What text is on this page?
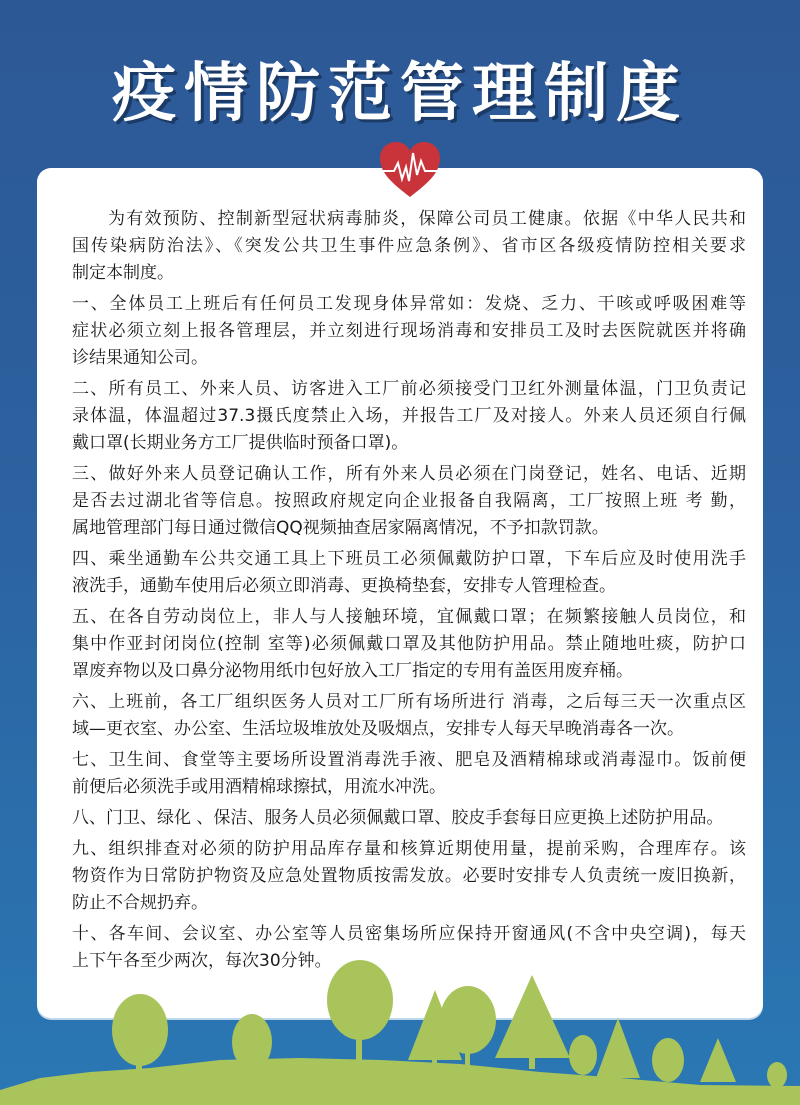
疫情防范管理制度
为有效预防、控制新型冠状病毒肺炎，保障公司员工健康。依据《中华人民共和
国传染病防治法》、《突发公共卫生事件应急条例》、省市区各级疫情防控相关要求
制定本制度。
一、全体员工上班后有任何员工发现身体异常如：发烧、乏力、干咳或呼吸困难等
症状必须立刻上报各管理层，并立刻进行现场消毒和安排员工及时去医院就医并将确
诊结果通知公司。
二、所有员工、外来人员、访客进入工厂前必须接受门卫红外测量体温，门卫负责记
录体温，体温超过37.3摄氏度禁止入场，并报告工厂及对接人。外来人员还须自行佩
戴口罩(长期业务方工厂提供临时预备口罩)。
三、做好外来人员登记确认工作，所有外来人员必须在门岗登记，姓名、电话、近期
是否去过湖北省等信息。按照政府规定向企业报备自我隔离，工厂按照上班 考 勤，
属地管理部门每日通过微信QQ视频抽查居家隔离情况，不予扣款罚款。
四、乘坐通勤车公共交通工具上下班员工必须佩戴防护口罩，下车后应及时使用洗手
液洗手，通勤车使用后必须立即消毒、更换椅垫套，安排专人管理检查。
五、在各自劳动岗位上，非人与人接触环境，宜佩戴口罩；在频繁接触人员岗位，和
集中作亚封闭岗位(控制 室等)必须佩戴口罩及其他防护用品。禁止随地吐痰，防护口
罩废弃物以及口鼻分泌物用纸巾包好放入工厂指定的专用有盖医用废弃桶。
六、上班前，各工厂组织医务人员对工厂所有场所进行 消毒，之后每三天一次重点区
域—更衣室、办公室、生活垃圾堆放处及吸烟点，安排专人每天早晚消毒各一次。
七、卫生间、食堂等主要场所设置消毒洗手液、肥皂及酒精棉球或消毒湿巾。饭前便
前便后必须洗手或用酒精棉球擦拭，用流水冲洗。
八、门卫、绿化 、保洁、服务人员必须佩戴口罩、胶皮手套每日应更换上述防护用品。
九、组织排查对必须的防护用品库存量和核算近期使用量，提前采购，合理库存。该
物资作为日常防护物资及应急处置物质按需发放。必要时安排专人负责统一废旧换新，
防止不合规扔弃。
十、各车间、会议室、办公室等人员密集场所应保持开窗通风(不含中央空调)，每天
上下午各至少两次，每次30分钟。
